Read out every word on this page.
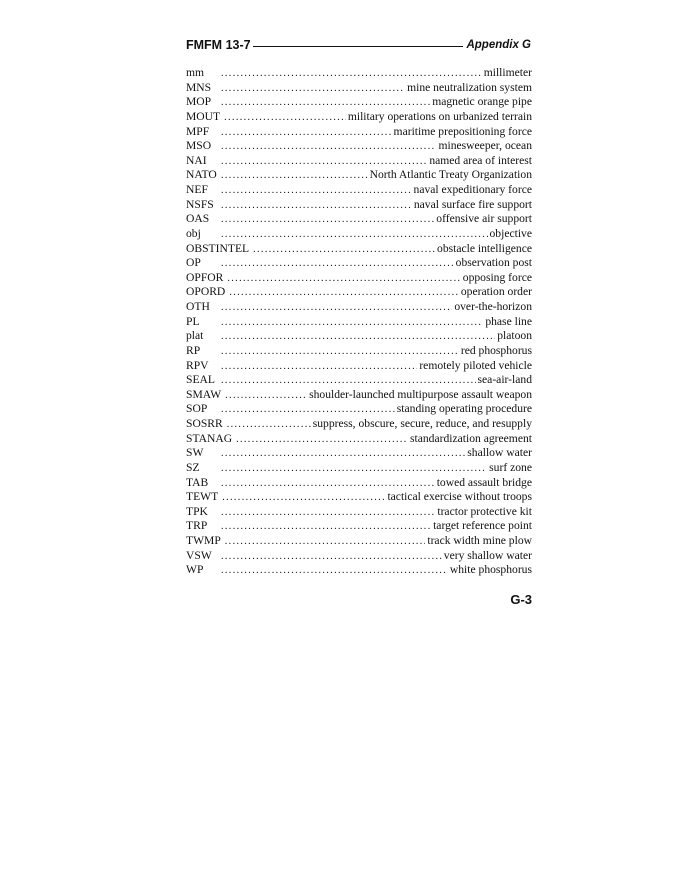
FMFM 13-7	Appendix G
mm .....	millimeter
MNS .....	mine neutralization system
MOP .....	magnetic orange pipe
MOUT .....	military operations on urbanized terrain
MPF .....	maritime prepositioning force
MSO .....	minesweeper, ocean
NAI .....	named area of interest
NATO .....	North Atlantic Treaty Organization
NEF .....	naval expeditionary force
NSFS .....	naval surface fire support
OAS .....	offensive air support
obj .....	objective
OBSTINTEL .....	obstacle intelligence
OP .....	observation post
OPFOR .....	opposing force
OPORD .....	operation order
OTH .....	over-the-horizon
PL .....	phase line
plat .....	platoon
RP .....	red phosphorus
RPV .....	remotely piloted vehicle
SEAL .....	sea-air-land
SMAW .....	shoulder-launched multipurpose assault weapon
SOP .....	standing operating procedure
SOSRR .....	suppress, obscure, secure, reduce, and resupply
STANAG .....	standardization agreement
SW .....	shallow water
SZ .....	surf zone
TAB .....	towed assault bridge
TEWT .....	tactical exercise without troops
TPK .....	tractor protective kit
TRP .....	target reference point
TWMP .....	track width mine plow
VSW .....	very shallow water
WP .....	white phosphorus
G-3
